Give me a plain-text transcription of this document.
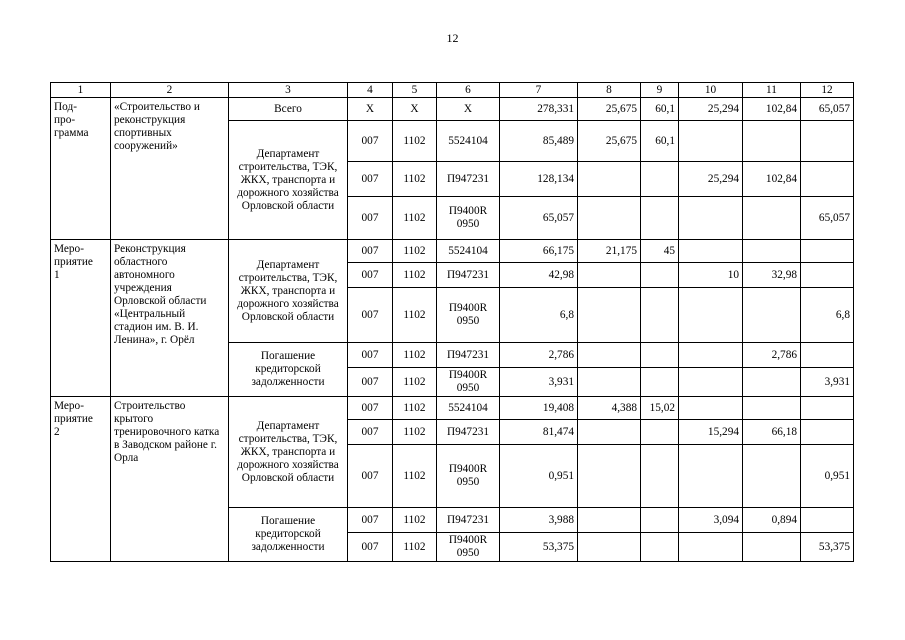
12
1	2	3	4	5	6	7	8	9	10	11	12
Под-
про-
грамма	«Строительство и реконструкция спортивных сооружений»	Всего	Х	Х	Х	278,331	25,675	60,1	25,294	102,84	65,057
		Департамент строительства, ТЭК, ЖКХ, транспорта и дорожного хозяйства Орловской области	007	1102	5524104	85,489	25,675	60,1			
			007	1102	П947231	128,134			25,294	102,84	
			007	1102	П9400R 0950	65,057					65,057
Меро-
приятие
1	Реконструкция областного автономного учреждения Орловской области «Центральный стадион им. В. И. Ленина», г. Орёл	Департамент строительства, ТЭК, ЖКХ, транспорта и дорожного хозяйства Орловской области	007	1102	5524104	66,175	21,175	45			
			007	1102	П947231	42,98			10	32,98	
			007	1102	П9400R 0950	6,8					6,8
		Погашение кредиторской задолженности	007	1102	П947231	2,786				2,786	
			007	1102	П9400R 0950	3,931					3,931
Меро-
приятие
2	Строительство крытого тренировочного катка в Заводском районе г. Орла	Департамент строительства, ТЭК, ЖКХ, транспорта и дорожного хозяйства Орловской области	007	1102	5524104	19,408	4,388	15,02			
			007	1102	П947231	81,474			15,294	66,18	
			007	1102	П9400R 0950	0,951					0,951
		Погашение кредиторской задолженности	007	1102	П947231	3,988			3,094	0,894	
			007	1102	П9400R 0950	53,375					53,375
